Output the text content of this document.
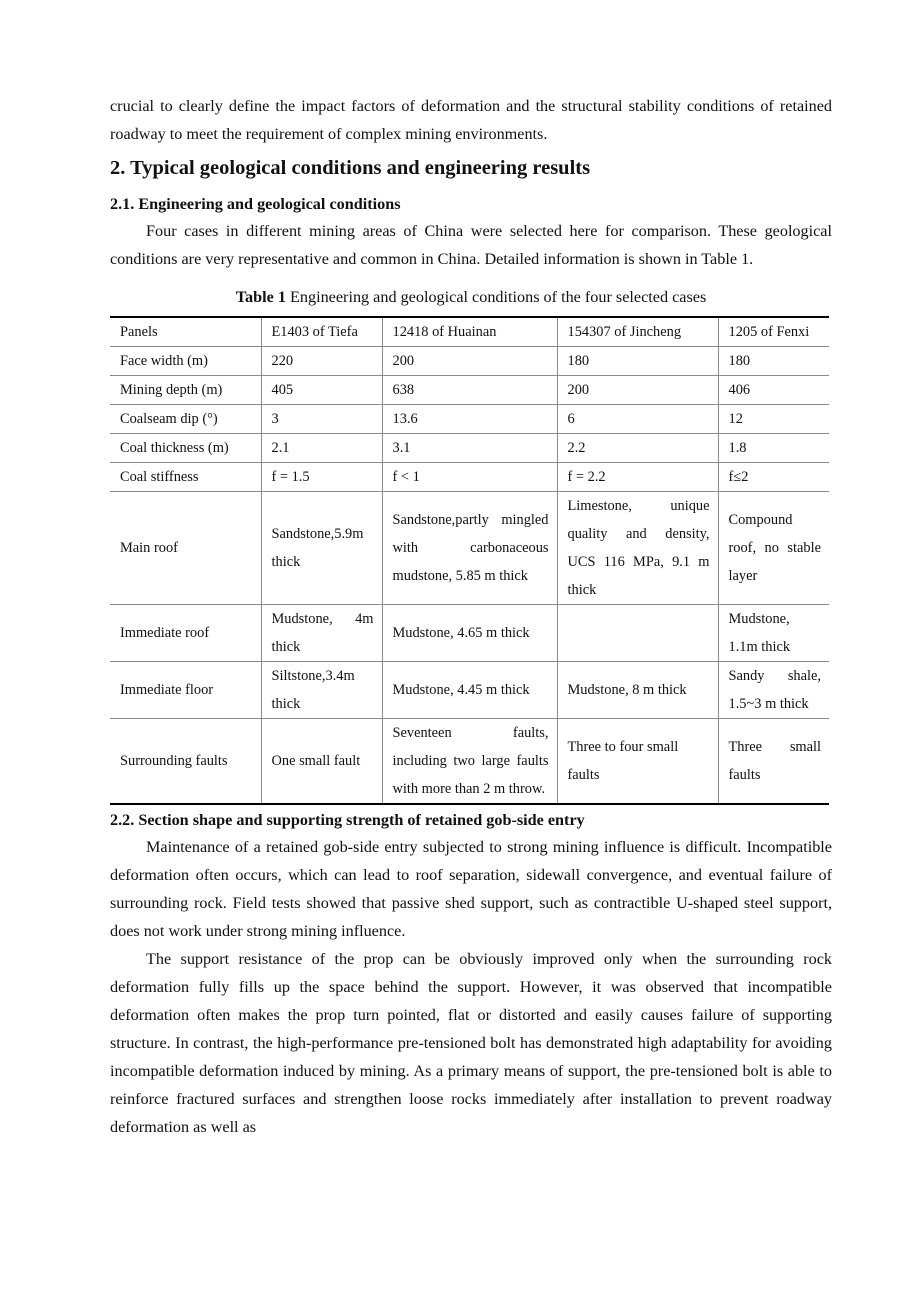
crucial to clearly define the impact factors of deformation and the structural stability conditions of retained roadway to meet the requirement of complex mining environments.

2. Typical geological conditions and engineering results
2.1. Engineering and geological conditions

Four cases in different mining areas of China were selected here for comparison. These geological conditions are very representative and common in China. Detailed information is shown in Table 1.

Table 1 Engineering and geological conditions of the four selected cases
Panels	E1403 of Tiefa	12418 of Huainan	154307 of Jincheng	1205 of Fenxi
Face width (m)	220	200	180	180
Mining depth (m)	405	638	200	406
Coalseam dip (°)	3	13.6	6	12
Coal thickness (m)	2.1	3.1	2.2	1.8
Coal stiffness	f = 1.5	f < 1	f = 2.2	f≤2
Main roof	Sandstone,5.9m thick	Sandstone,partly mingled with carbonaceous mudstone, 5.85 m thick	Limestone, unique quality and density, UCS 116 MPa, 9.1 m thick	Compound roof, no stable layer
Immediate roof	Mudstone, 4m thick	Mudstone, 4.65 m thick		Mudstone, 1.1m thick
Immediate floor	Siltstone,3.4m thick	Mudstone, 4.45 m thick	Mudstone, 8 m thick	Sandy shale, 1.5~3 m thick
Surrounding faults	One small fault	Seventeen faults, including two large faults with more than 2 m throw.	Three to four small faults	Three small faults
2.2. Section shape and supporting strength of retained gob-side entry

Maintenance of a retained gob-side entry subjected to strong mining influence is difficult. Incompatible deformation often occurs, which can lead to roof separation, sidewall convergence, and eventual failure of surrounding rock. Field tests showed that passive shed support, such as contractible U-shaped steel support, does not work under strong mining influence.

The support resistance of the prop can be obviously improved only when the surrounding rock deformation fully fills up the space behind the support. However, it was observed that incompatible deformation often makes the prop turn pointed, flat or distorted and easily causes failure of supporting structure. In contrast, the high-performance pre-tensioned bolt has demonstrated high adaptability for avoiding incompatible deformation induced by mining. As a primary means of support, the pre-tensioned bolt is able to reinforce fractured surfaces and strengthen loose rocks immediately after installation to prevent roadway deformation as well as
